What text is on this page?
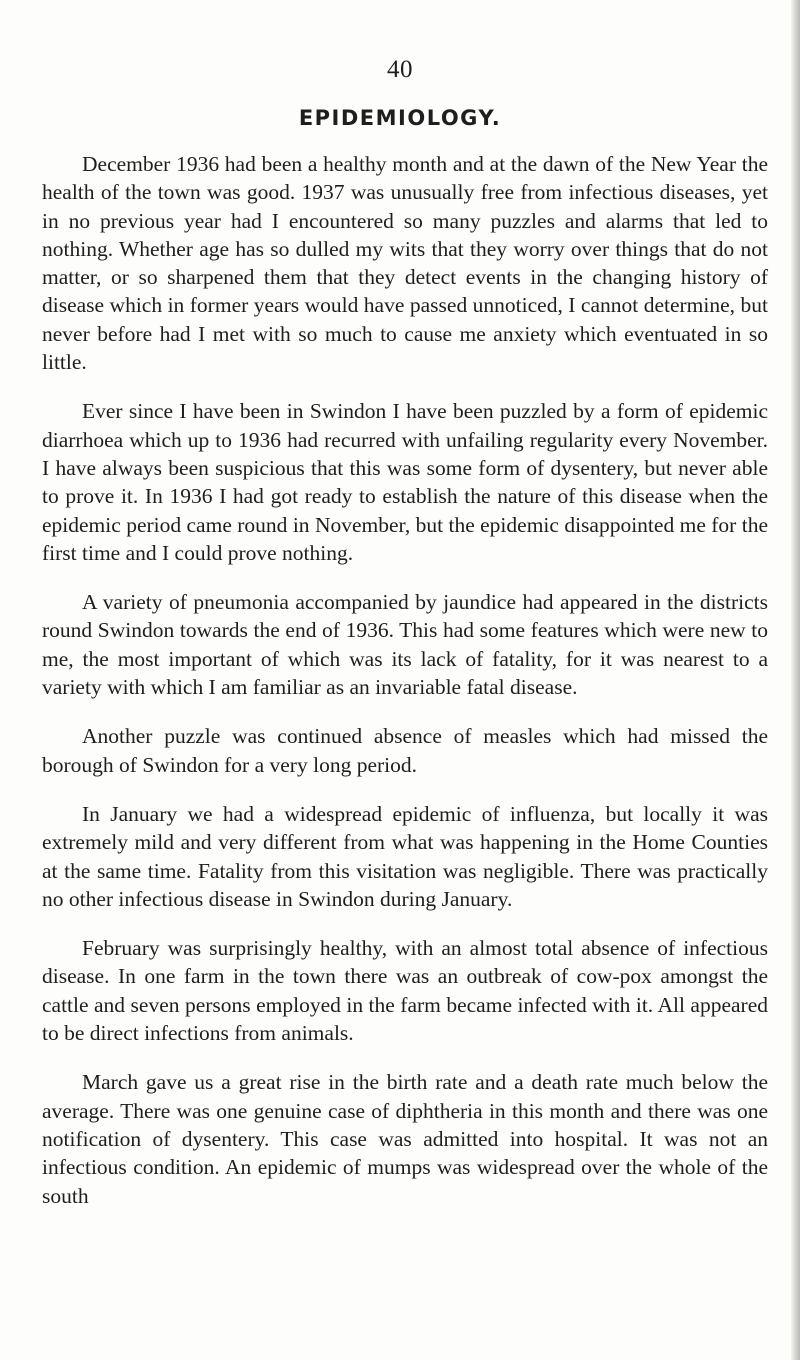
40
EPIDEMIOLOGY.

December 1936 had been a healthy month and at the dawn of the New Year the health of the town was good. 1937 was unusually free from infectious diseases, yet in no previous year had I encountered so many puzzles and alarms that led to nothing. Whether age has so dulled my wits that they worry over things that do not matter, or so sharpened them that they detect events in the changing history of disease which in former years would have passed unnoticed, I cannot determine, but never before had I met with so much to cause me anxiety which eventuated in so little.

Ever since I have been in Swindon I have been puzzled by a form of epidemic diarrhoea which up to 1936 had recurred with unfailing regularity every November. I have always been suspicious that this was some form of dysentery, but never able to prove it. In 1936 I had got ready to establish the nature of this disease when the epidemic period came round in November, but the epidemic disappointed me for the first time and I could prove nothing.

A variety of pneumonia accompanied by jaundice had appeared in the districts round Swindon towards the end of 1936. This had some features which were new to me, the most important of which was its lack of fatality, for it was nearest to a variety with which I am familiar as an invariable fatal disease.

Another puzzle was continued absence of measles which had missed the borough of Swindon for a very long period.

In January we had a widespread epidemic of influenza, but locally it was extremely mild and very different from what was happening in the Home Counties at the same time. Fatality from this visitation was negligible. There was practically no other infectious disease in Swindon during January.

February was surprisingly healthy, with an almost total absence of infectious disease. In one farm in the town there was an outbreak of cow-pox amongst the cattle and seven persons employed in the farm became infected with it. All appeared to be direct infections from animals.

March gave us a great rise in the birth rate and a death rate much below the average. There was one genuine case of diphtheria in this month and there was one notification of dysentery. This case was admitted into hospital. It was not an infectious condition. An epidemic of mumps was widespread over the whole of the south
